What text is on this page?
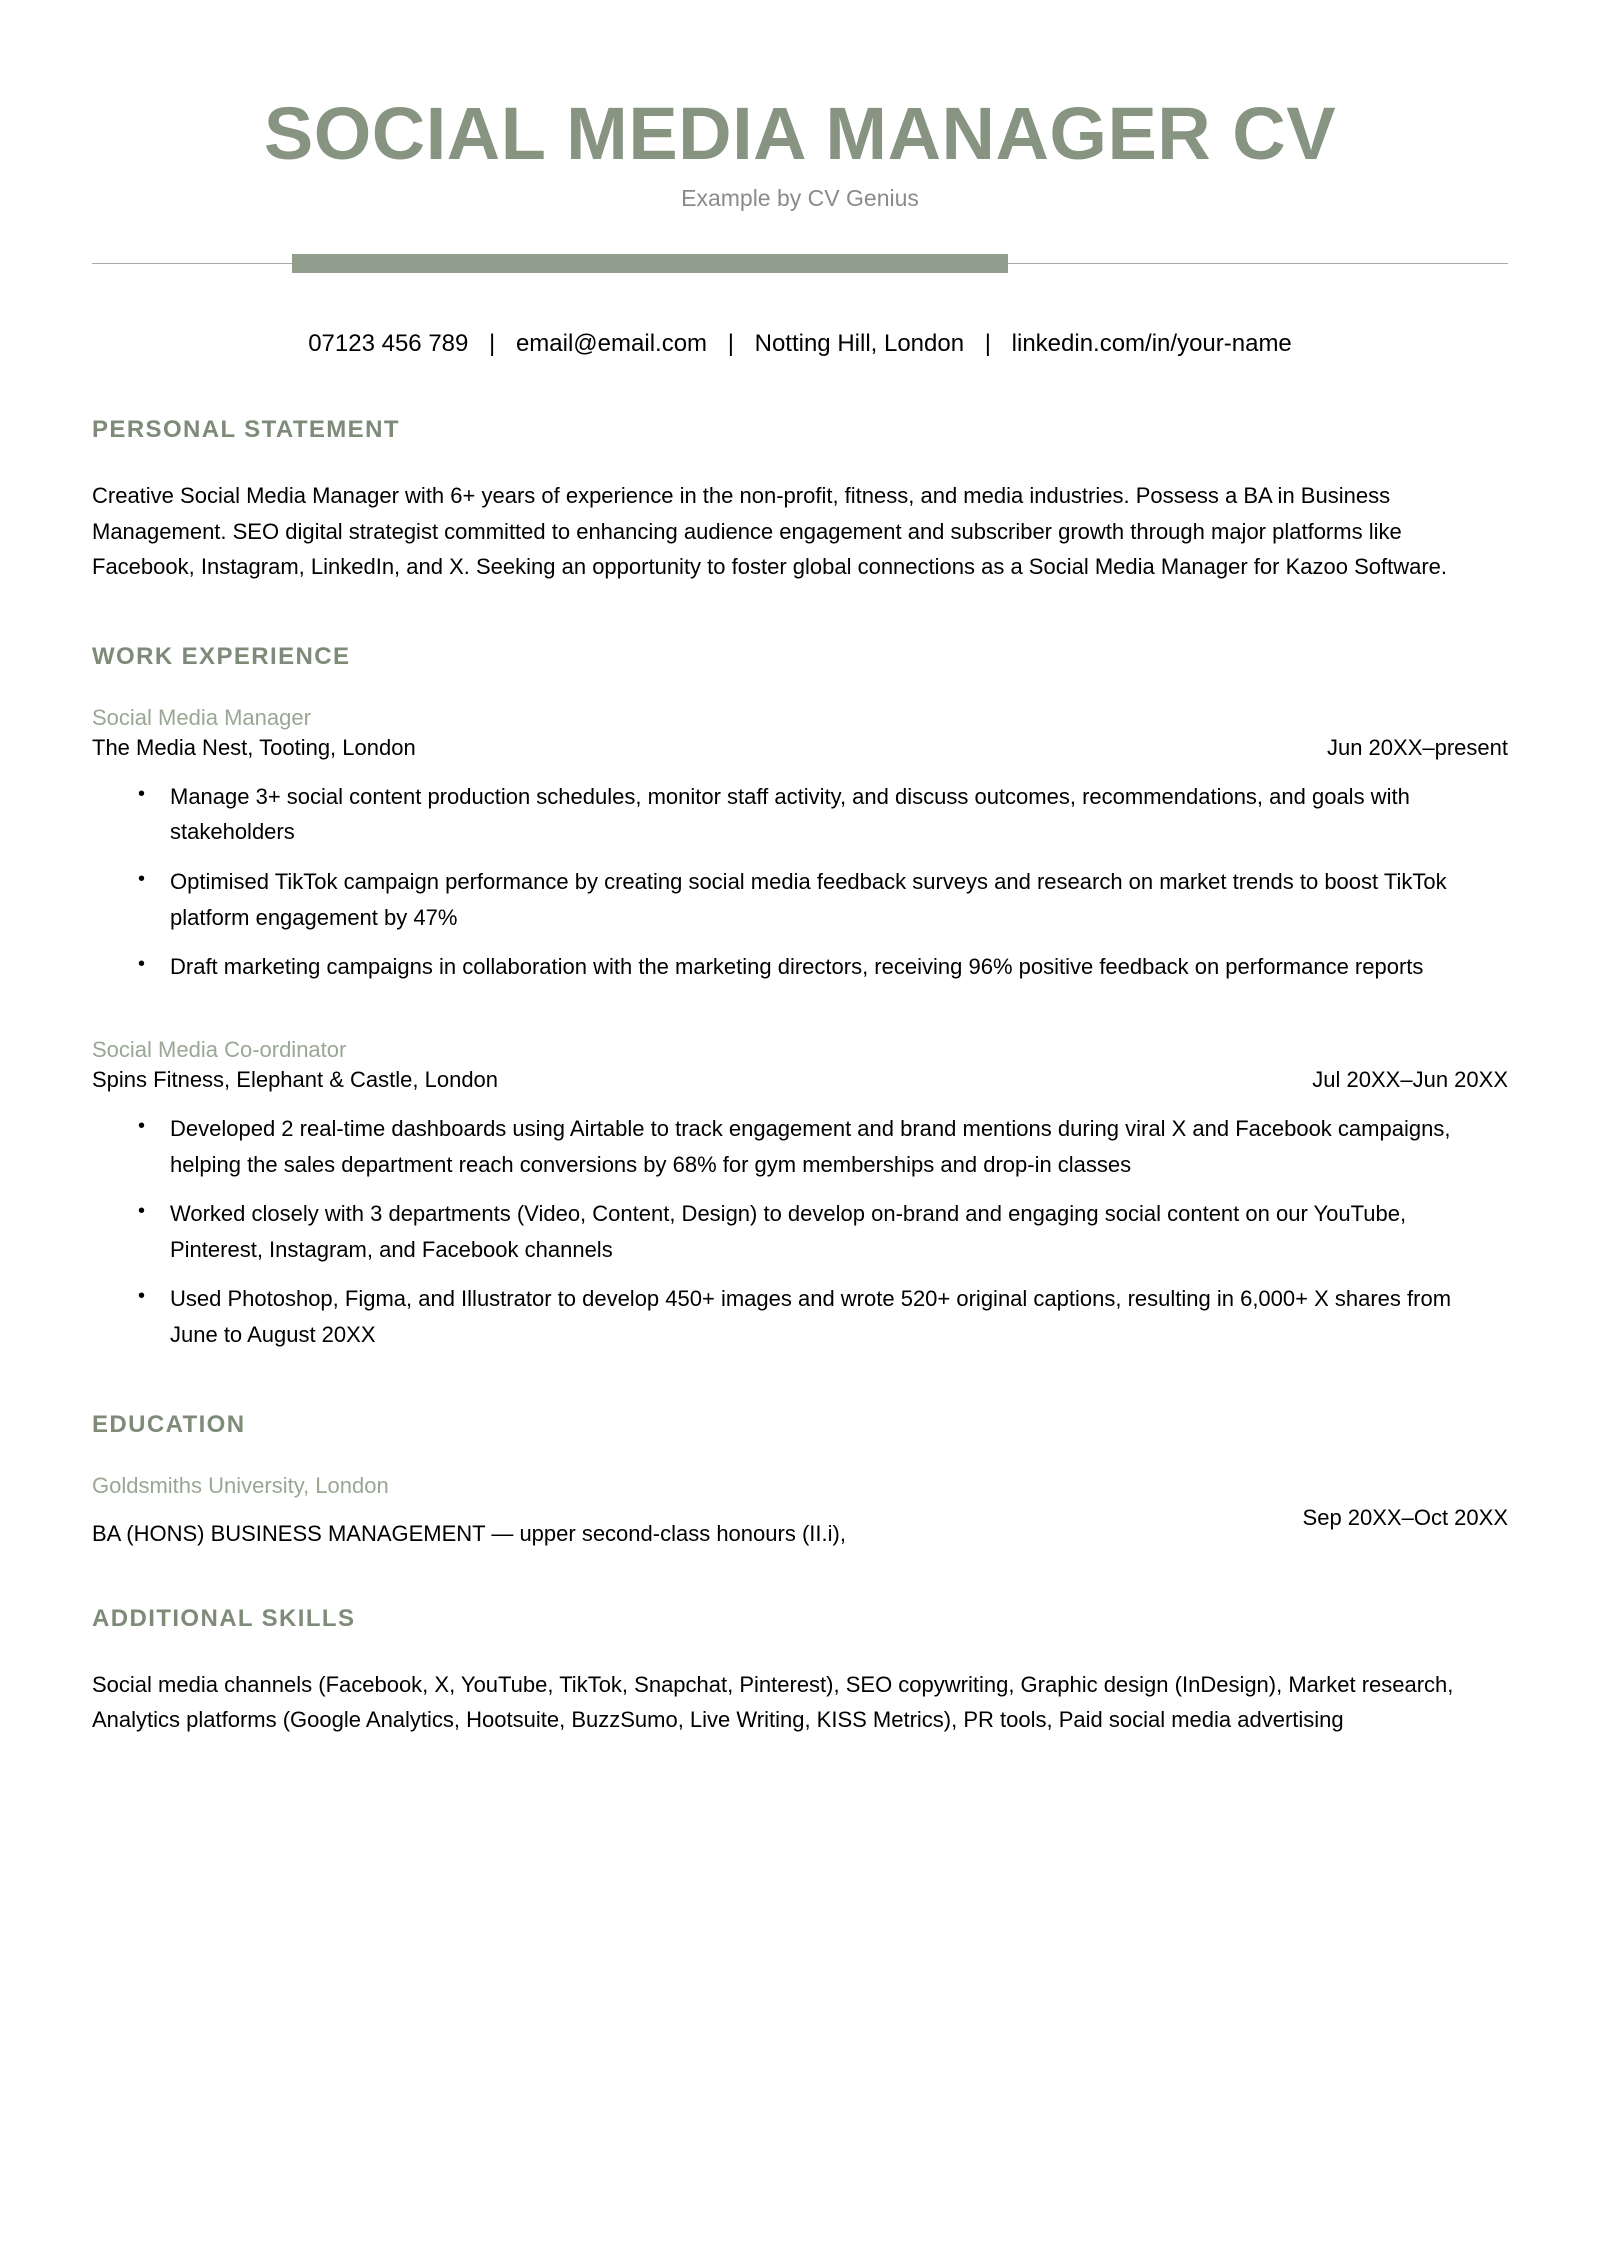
SOCIAL MEDIA MANAGER CV

Example by CV Genius

07123 456 789 | email@email.com | Notting Hill, London | linkedin.com/in/your-name
PERSONAL STATEMENT

Creative Social Media Manager with 6+ years of experience in the non-profit, fitness, and media industries. Possess a BA in Business Management. SEO digital strategist committed to enhancing audience engagement and subscriber growth through major platforms like Facebook, Instagram, LinkedIn, and X. Seeking an opportunity to foster global connections as a Social Media Manager for Kazoo Software.

WORK EXPERIENCE

Social Media Manager

The Media Nest, Tooting, London	Jun 20XX–present
• Manage 3+ social content production schedules, monitor staff activity, and discuss outcomes, recommendations, and goals with stakeholders
• Optimised TikTok campaign performance by creating social media feedback surveys and research on market trends to boost TikTok platform engagement by 47%
• Draft marketing campaigns in collaboration with the marketing directors, receiving 96% positive feedback on performance reports

Social Media Co-ordinator

Spins Fitness, Elephant & Castle, London	Jul 20XX–Jun 20XX
• Developed 2 real-time dashboards using Airtable to track engagement and brand mentions during viral X and Facebook campaigns, helping the sales department reach conversions by 68% for gym memberships and drop-in classes
• Worked closely with 3 departments (Video, Content, Design) to develop on-brand and engaging social content on our YouTube, Pinterest, Instagram, and Facebook channels
• Used Photoshop, Figma, and Illustrator to develop 450+ images and wrote 520+ original captions, resulting in 6,000+ X shares from June to August 20XX
EDUCATION

Goldsmiths University, London

BA (HONS) BUSINESS MANAGEMENT — upper second-class honours (II.i),
Sep 20XX–Oct 20XX
ADDITIONAL SKILLS

Social media channels (Facebook, X, YouTube, TikTok, Snapchat, Pinterest), SEO copywriting, Graphic design (InDesign), Market research, Analytics platforms (Google Analytics, Hootsuite, BuzzSumo, Live Writing, KISS Metrics), PR tools, Paid social media advertising
